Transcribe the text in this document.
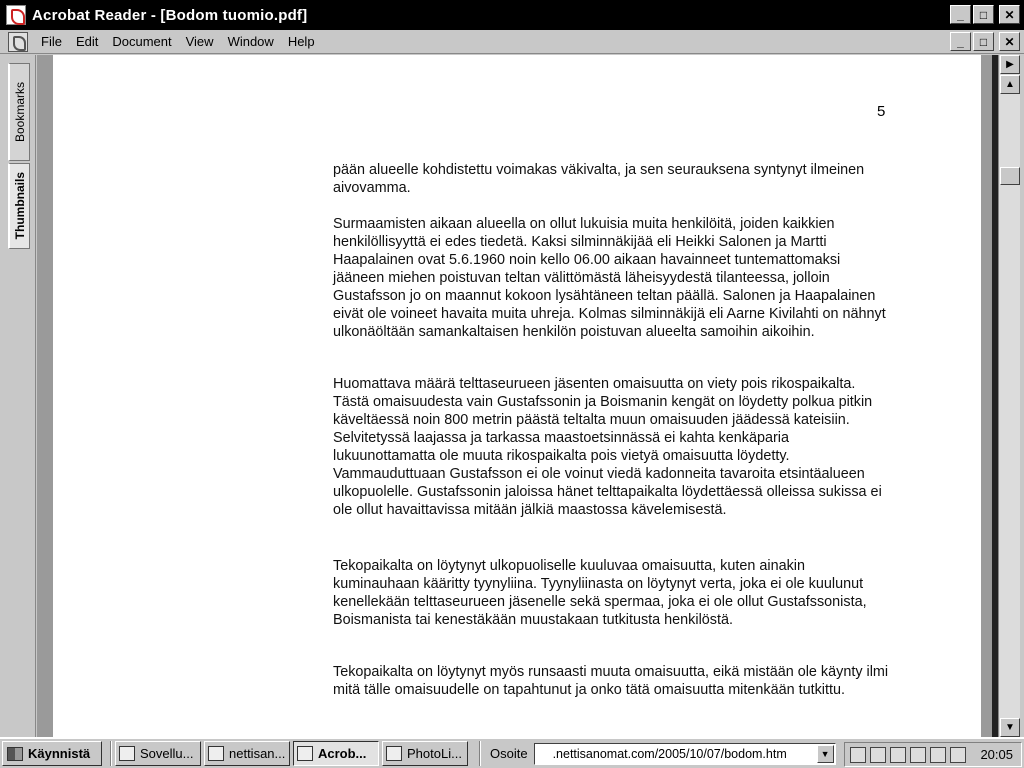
Acrobat Reader - [Bodom tuomio.pdf]	_	□	✕
File	Edit	Document	View	Window	Help	_	□	✕
Bookmarks
Thumbnails
5

pään alueelle kohdistettu voimakas väkivalta, ja sen seurauksena syntynyt ilmeinen aivovamma.

Surmaamisten aikaan alueella on ollut lukuisia muita henkilöitä, joiden kaikkien henkilöllisyyttä ei edes tiedetä. Kaksi silminnäkijää eli Heikki Salonen ja Martti Haapalainen ovat 5.6.1960 noin kello 06.00 aikaan havainneet tuntemattomaksi jääneen miehen poistuvan teltan välittömästä läheisyydestä tilanteessa, jolloin Gustafsson jo on maannut kokoon lysähtäneen teltan päällä. Salonen ja Haapalainen eivät ole voineet havaita muita uhreja. Kolmas silminnäkijä eli Aarne Kivilahti on nähnyt ulkonäöltään samankaltaisen henkilön poistuvan alueelta samoihin aikoihin.

Huomattava määrä telttaseurueen jäsenten omaisuutta on viety pois rikospaikalta. Tästä omaisuudesta vain Gustafssonin ja Boismanin kengät on löydetty polkua pitkin käveltäessä noin 800 metrin päästä teltalta muun omaisuuden jäädessä kateisiin. Selvitetyssä laajassa ja tarkassa maastoetsinnässä ei kahta kenkäparia lukuunottamatta ole muuta rikospaikalta pois vietyä omaisuutta löydetty. Vammauduttuaan Gustafsson ei ole voinut viedä kadonneita tavaroita etsintäalueen ulkopuolelle. Gustafssonin jaloissa hänet telttapaikalta löydettäessä olleissa sukissa ei ole ollut havaittavissa mitään jälkiä maastossa kävelemisestä.

Tekopaikalta on löytynyt ulkopuoliselle kuuluvaa omaisuutta, kuten ainakin kuminauhaan kääritty tyynyliina. Tyynyliinasta on löytynyt verta, joka ei ole kuulunut kenellekään telttaseurueen jäsenelle sekä spermaa, joka ei ole ollut Gustafssonista, Boismanista tai kenestäkään muustakaan tutkitusta henkilöstä.

Tekopaikalta on löytynyt myös runsaasti muuta omaisuutta, eikä mistään ole käynty ilmi mitä tälle omaisuudelle on tapahtunut ja onko tätä omaisuutta mitenkään tutkittu.

▶
▲
▼
Käynnistä	Sovellu...	nettisan...	Acrob...	PhotoLi... Osoite .nettisanomat.com/2005/10/07/bodom.htm	▼	20:05
